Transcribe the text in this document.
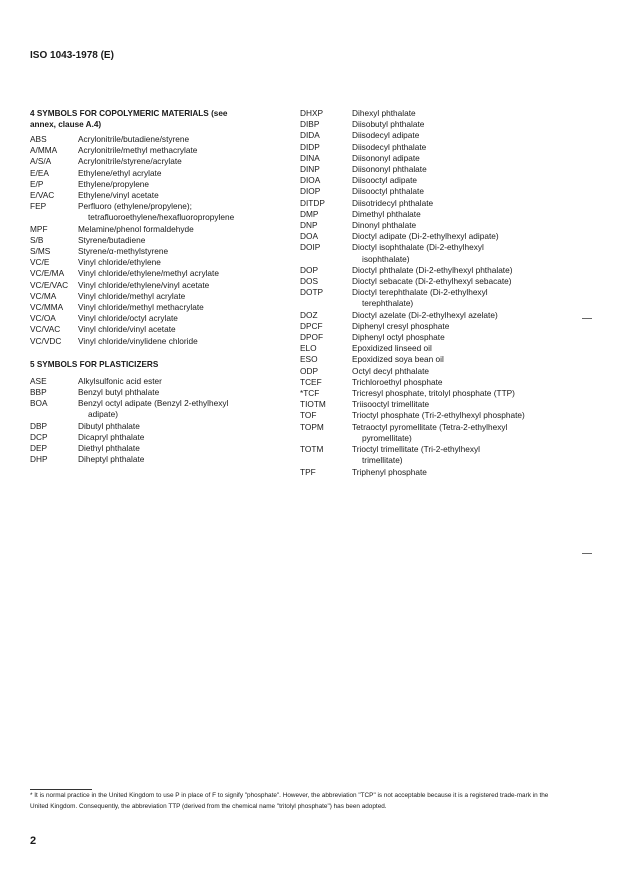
ISO 1043-1978 (E)
4 SYMBOLS FOR COPOLYMERIC MATERIALS (see
annex, clause A.4)
ABS	Acrylonitrile/butadiene/styrene
A/MMA	Acrylonitrile/methyl methacrylate
A/S/A	Acrylonitrile/styrene/acrylate
E/EA	Ethylene/ethyl acrylate
E/P	Ethylene/propylene
E/VAC	Ethylene/vinyl acetate
FEP	Perfluoro (ethylene/propylene);
tetrafluoroethylene/hexafluoropropylene
MPF	Melamine/phenol formaldehyde
S/B	Styrene/butadiene
S/MS	Styrene/α-methylstyrene
VC/E	Vinyl chloride/ethylene
VC/E/MA	Vinyl chloride/ethylene/methyl acrylate
VC/E/VAC	Vinyl chloride/ethylene/vinyl acetate
VC/MA	Vinyl chloride/methyl acrylate
VC/MMA	Vinyl chloride/methyl methacrylate
VC/OA	Vinyl chloride/octyl acrylate
VC/VAC	Vinyl chloride/vinyl acetate
VC/VDC	Vinyl chloride/vinylidene chloride
5 SYMBOLS FOR PLASTICIZERS
ASE	Alkylsulfonic acid ester
BBP	Benzyl butyl phthalate
BOA	Benzyl octyl adipate (Benzyl 2-ethylhexyl
adipate)
DBP	Dibutyl phthalate
DCP	Dicapryl phthalate
DEP	Diethyl phthalate
DHP	Diheptyl phthalate
DHXP	Dihexyl phthalate
DIBP	Diisobutyl phthalate
DIDA	Diisodecyl adipate
DIDP	Diisodecyl phthalate
DINA	Diisononyl adipate
DINP	Diisononyl phthalate
DIOA	Diisooctyl adipate
DIOP	Diisooctyl phthalate
DITDP	Diisotridecyl phthalate
DMP	Dimethyl phthalate
DNP	Dinonyl phthalate
DOA	Dioctyl adipate (Di-2-ethylhexyl adipate)
DOIP	Dioctyl isophthalate (Di-2-ethylhexyl
isophthalate)
DOP	Dioctyl phthalate (Di-2-ethylhexyl phthalate)
DOS	Dioctyl sebacate (Di-2-ethylhexyl sebacate)
DOTP	Dioctyl terephthalate (Di-2-ethylhexyl
terephthalate)
DOZ	Dioctyl azelate (Di-2-ethylhexyl azelate)
DPCF	Diphenyl cresyl phosphate
DPOF	Diphenyl octyl phosphate
ELO	Epoxidized linseed oil
ESO	Epoxidized soya bean oil
ODP	Octyl decyl phthalate
TCEF	Trichloroethyl phosphate
*TCF	Tricresyl phosphate, tritolyl phosphate (TTP)
TIOTM	Triisooctyl trimellitate
TOF	Trioctyl phosphate (Tri-2-ethylhexyl phosphate)
TOPM	Tetraoctyl pyromellitate (Tetra-2-ethylhexyl
pyromellitate)
TOTM	Trioctyl trimellitate (Tri-2-ethylhexyl
trimellitate)
TPF	Triphenyl phosphate
* It is normal practice in the United Kingdom to use P in place of F to signify "phosphate". However, the abbreviation "TCP" is not acceptable because it is a registered trade-mark in the United Kingdom. Consequently, the abbreviation TTP (derived from the chemical name "tritolyl phosphate") has been adopted.
2
